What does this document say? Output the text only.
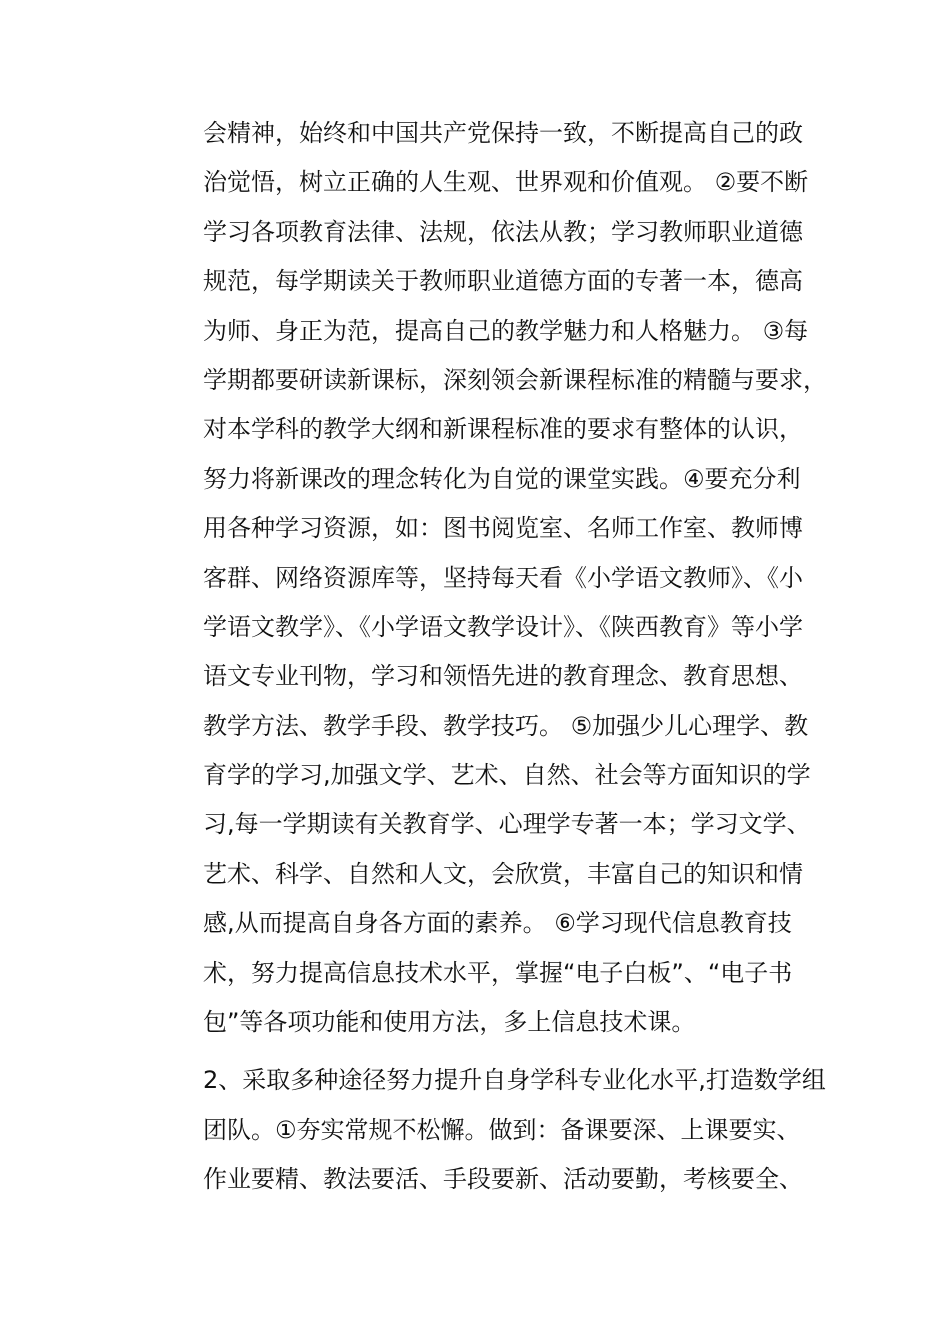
会精神，始终和中国共产党保持一致，不断提高自己的政
治觉悟，树立正确的人生观、世界观和价值观。 ②要不断
学习各项教育法律、法规，依法从教；学习教师职业道德
规范，每学期读关于教师职业道德方面的专著一本，德高
为师、身正为范，提高自己的教学魅力和人格魅力。 ③每
学期都要研读新课标，深刻领会新课程标准的精髓与要求，
对本学科的教学大纲和新课程标准的要求有整体的认识，
努力将新课改的理念转化为自觉的课堂实践。④要充分利
用各种学习资源，如：图书阅览室、名师工作室、教师博
客群、网络资源库等，坚持每天看《小学语文教师》、《小
学语文教学》、《小学语文教学设计》、《陕西教育》等小学
语文专业刊物，学习和领悟先进的教育理念、教育思想、
教学方法、教学手段、教学技巧。 ⑤加强少儿心理学、教
育学的学习,加强文学、艺术、自然、社会等方面知识的学
习,每一学期读有关教育学、心理学专著一本；学习文学、
艺术、科学、自然和人文，会欣赏，丰富自己的知识和情
感,从而提高自身各方面的素养。 ⑥学习现代信息教育技
术，努力提高信息技术水平，掌握“电子白板”、“电子书
包”等各项功能和使用方法，多上信息技术课。
2、采取多种途径努力提升自身学科专业化水平,打造数学组
团队。①夯实常规不松懈。做到：备课要深、上课要实、
作业要精、教法要活、手段要新、活动要勤，考核要全、
